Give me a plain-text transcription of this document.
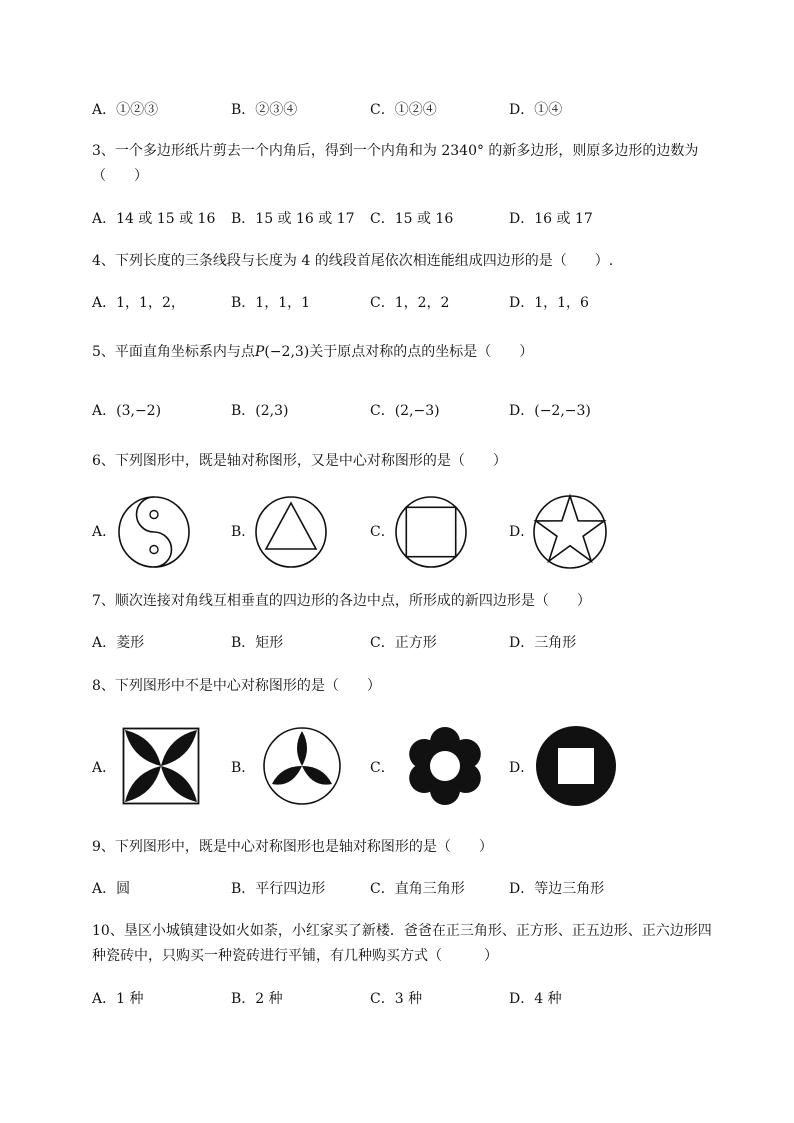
A．①②③	B．②③④	C．①②④	D．①④
3、一个多边形纸片剪去一个内角后，得到一个内角和为 2340° 的新多边形，则原多边形的边数为
（　　）
A．14 或 15 或 16 B．15 或 16 或 17 C．15 或 16	D．16 或 17
4、下列长度的三条线段与长度为 4 的线段首尾依次相连能组成四边形的是（　　）.
A．1，1，2，	B．1，1，1	C．1，2，2	D．1，1，6
5、平面直角坐标系内与点P(−2,3)关于原点对称的点的坐标是（　　）
A．(3,−2)	B．(2,3)	C．(2,−3)	D．(−2,−3)
6、下列图形中，既是轴对称图形，又是中心对称图形的是（　　）
A．	B．	C．	D．
7、顺次连接对角线互相垂直的四边形的各边中点，所形成的新四边形是（　　）
A．菱形	B．矩形	C．正方形	D．三角形
8、下列图形中不是中心对称图形的是（　　）
A．	B．	C．	D．
9、下列图形中，既是中心对称图形也是轴对称图形的是（　　）
A．圆	B．平行四边形	C．直角三角形	D．等边三角形
10、垦区小城镇建设如火如荼，小红家买了新楼．爸爸在正三角形、正方形、正五边形、正六边形四
种瓷砖中，只购买一种瓷砖进行平铺，有几种购买方式（　　　）
A．1 种	B．2 种	C．3 种	D．4 种
